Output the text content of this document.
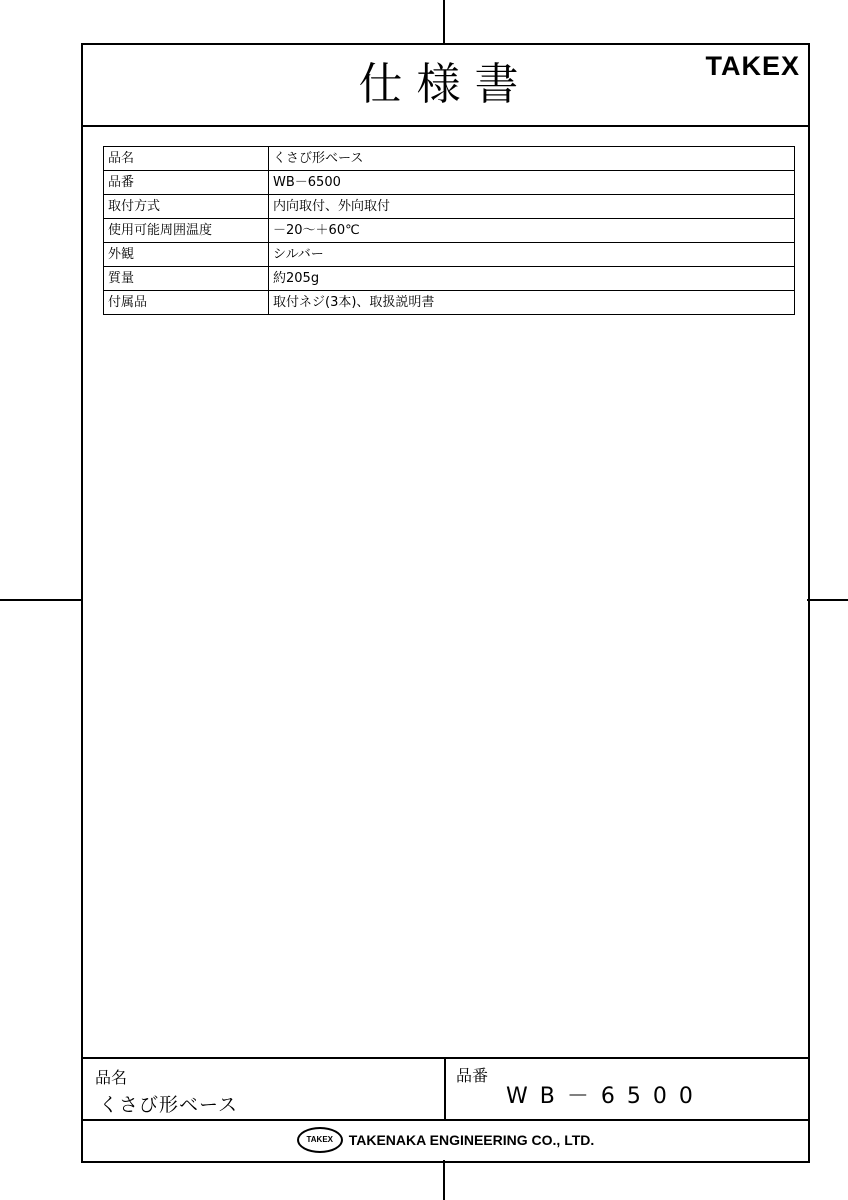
仕様書	TAKEX
品名	くさび形ベース
品番	WB－6500
取付方式	内向取付、外向取付
使用可能周囲温度	－20～＋60℃
外観	シルバー
質量	約205g
付属品	取付ネジ(3本)、取扱説明書
品名
くさび形ベース
品番
WB－6500
TAKEX	TAKENAKA ENGINEERING CO., LTD.
